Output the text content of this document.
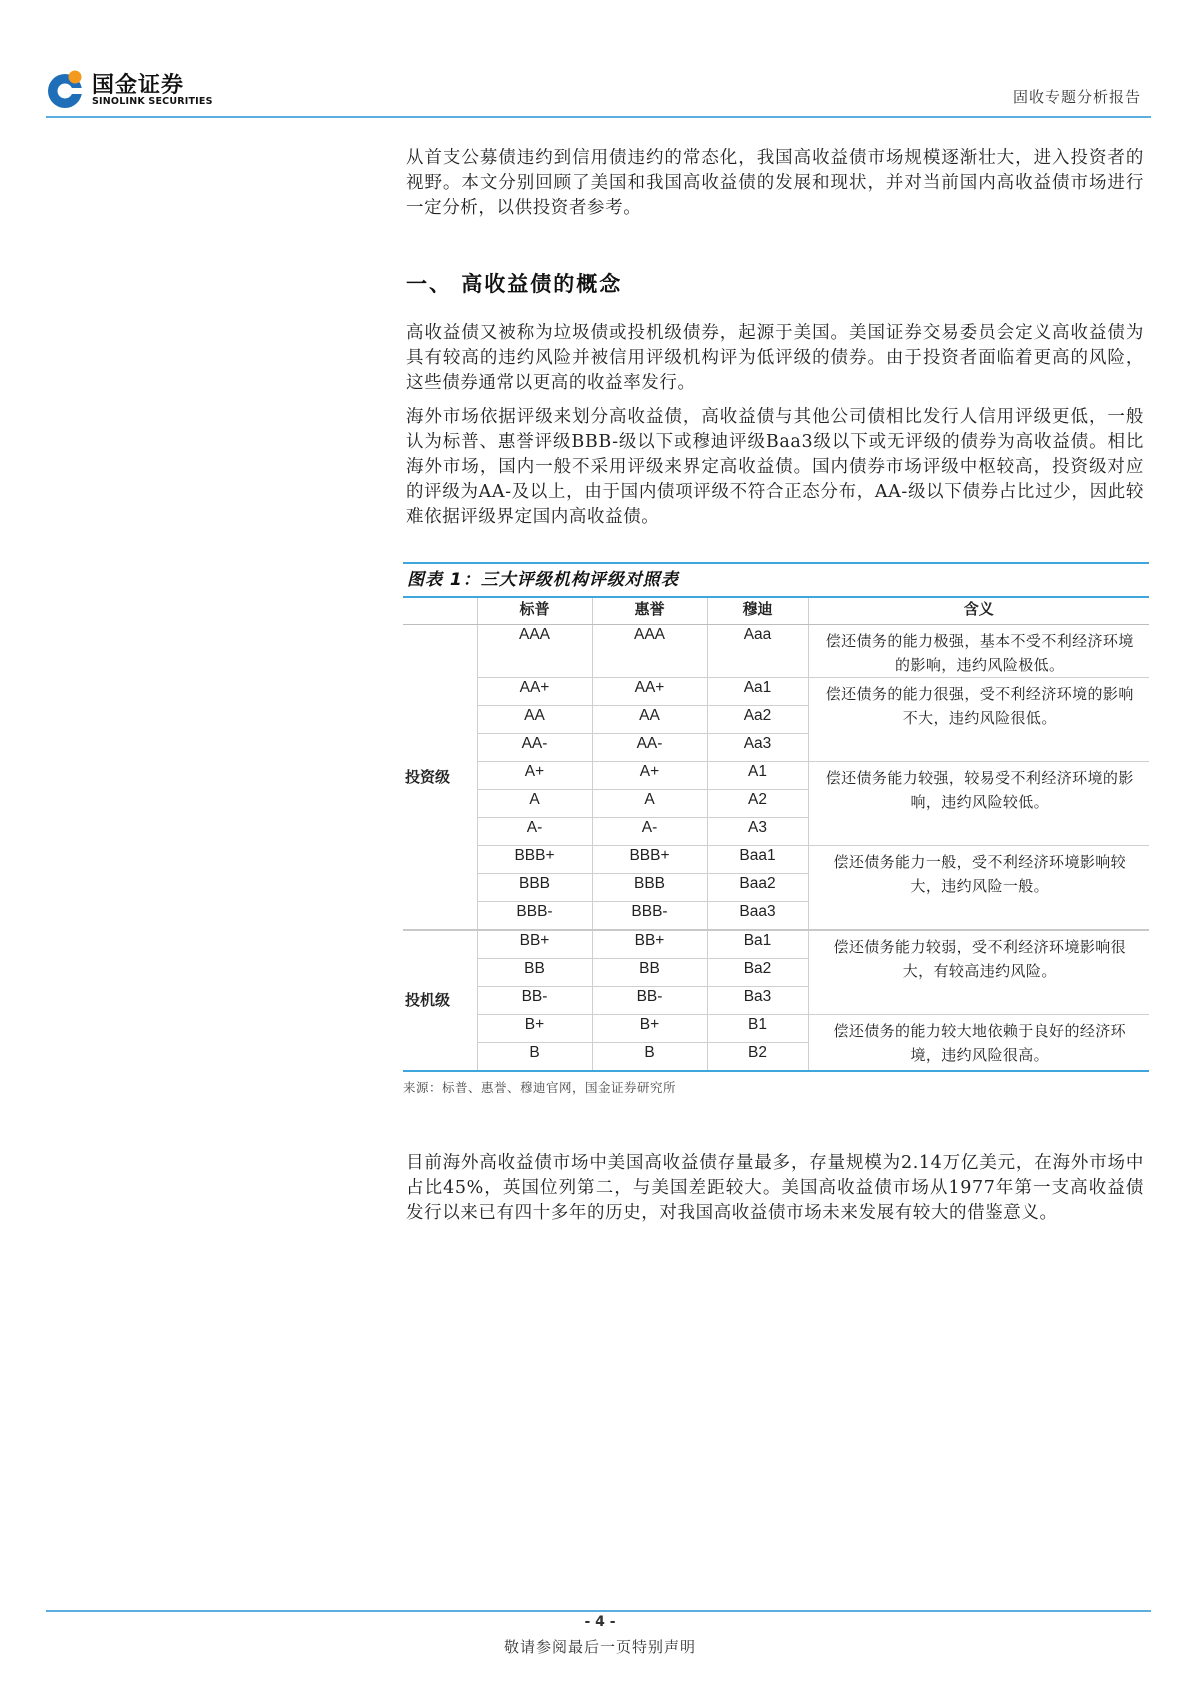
国金证券
SINOLINK SECURITIES	固收专题分析报告

从首支公募债违约到信用债违约的常态化，我国高收益债市场规模逐渐壮大，进入投资者的视野。本文分别回顾了美国和我国高收益债的发展和现状，并对当前国内高收益债市场进行一定分析，以供投资者参考。

一、 高收益债的概念

高收益债又被称为垃圾债或投机级债券，起源于美国。美国证券交易委员会定义高收益债为具有较高的违约风险并被信用评级机构评为低评级的债券。由于投资者面临着更高的风险，这些债券通常以更高的收益率发行。

海外市场依据评级来划分高收益债，高收益债与其他公司债相比发行人信用评级更低，一般认为标普、惠誉评级BBB-级以下或穆迪评级Baa3级以下或无评级的债券为高收益债。相比海外市场，国内一般不采用评级来界定高收益债。国内债券市场评级中枢较高，投资级对应的评级为AA-及以上，由于国内债项评级不符合正态分布，AA-级以下债券占比过少，因此较难依据评级界定国内高收益债。

图表 1：三大评级机构评级对照表
	标普	惠誉	穆迪	含义
投资级	AAA	AAA	Aaa	偿还债务的能力极强，基本不受不利经济环境的影响，违约风险极低。
	AA+	AA+	Aa1	偿还债务的能力很强，受不利经济环境的影响不大，违约风险很低。
	AA	AA	Aa2	
	AA-	AA-	Aa3	
	A+	A+	A1	偿还债务能力较强，较易受不利经济环境的影响，违约风险较低。
	A	A	A2	
	A-	A-	A3	
	BBB+	BBB+	Baa1	偿还债务能力一般，受不利经济环境影响较大，违约风险一般。
	BBB	BBB	Baa2	
	BBB-	BBB-	Baa3	
投机级	BB+	BB+	Ba1	偿还债务能力较弱，受不利经济环境影响很大，有较高违约风险。
	BB	BB	Ba2	
	BB-	BB-	Ba3	
	B+	B+	B1	偿还债务的能力较大地依赖于良好的经济环境，违约风险很高。
	B	B	B2	
来源：标普、惠誉、穆迪官网，国金证券研究所

目前海外高收益债市场中美国高收益债存量最多，存量规模为2.14万亿美元，在海外市场中占比45%，英国位列第二，与美国差距较大。美国高收益债市场从1977年第一支高收益债发行以来已有四十多年的历史，对我国高收益债市场未来发展有较大的借鉴意义。

- 4 -
敬请参阅最后一页特别声明
